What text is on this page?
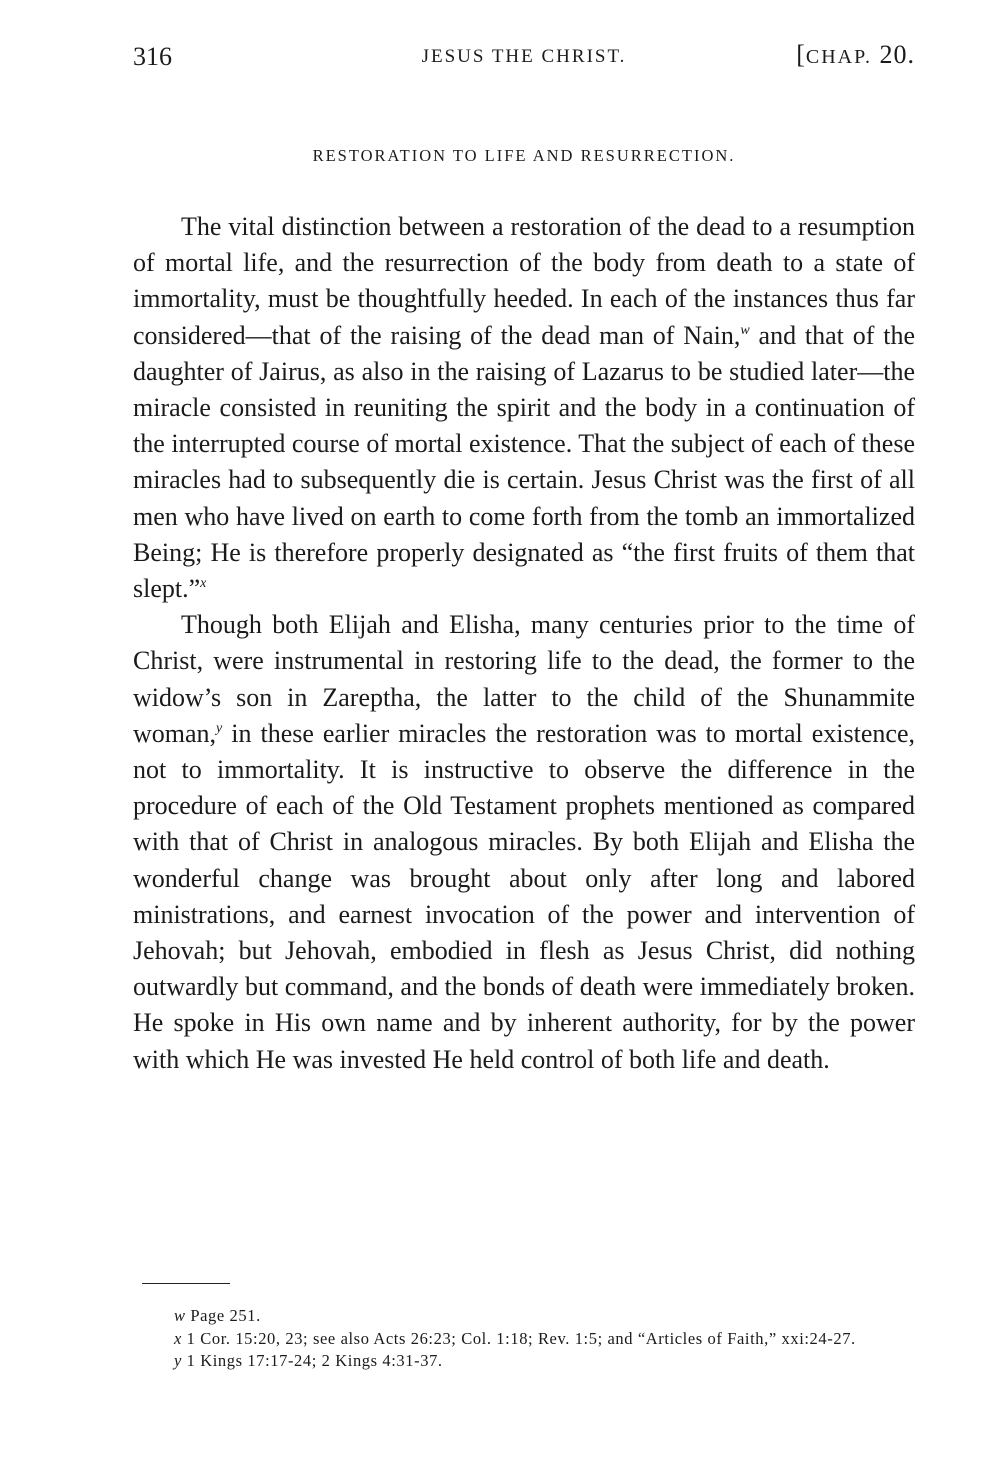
316	JESUS THE CHRIST.	[CHAP. 20.
RESTORATION TO LIFE AND RESURRECTION.

The vital distinction between a restoration of the dead to a resumption of mortal life, and the resurrection of the body from death to a state of immortality, must be thoughtfully heeded. In each of the instances thus far considered—that of the raising of the dead man of Nain,$^w$ and that of the daughter of Jairus, as also in the raising of Lazarus to be studied later—the miracle consisted in reuniting the spirit and the body in a continuation of the interrupted course of mortal existence. That the subject of each of these miracles had to subsequently die is certain. Jesus Christ was the first of all men who have lived on earth to come forth from the tomb an immortalized Being; He is therefore properly designated as “the first fruits of them that slept.”$^x$

Though both Elijah and Elisha, many centuries prior to the time of Christ, were instrumental in restoring life to the dead, the former to the widow’s son in Zareptha, the latter to the child of the Shunammite woman,$^y$ in these earlier miracles the restoration was to mortal existence, not to immortality. It is instructive to observe the difference in the procedure of each of the Old Testament prophets mentioned as compared with that of Christ in analogous miracles. By both Elijah and Elisha the wonderful change was brought about only after long and labored ministrations, and earnest invocation of the power and intervention of Jehovah; but Jehovah, embodied in flesh as Jesus Christ, did nothing outwardly but command, and the bonds of death were immediately broken. He spoke in His own name and by inherent authority, for by the power with which He was invested He held control of both life and death.

w Page 251.

x 1 Cor. 15:20, 23; see also Acts 26:23; Col. 1:18; Rev. 1:5; and “Articles of Faith,” xxi:24-27.

y 1 Kings 17:17-24; 2 Kings 4:31-37.
